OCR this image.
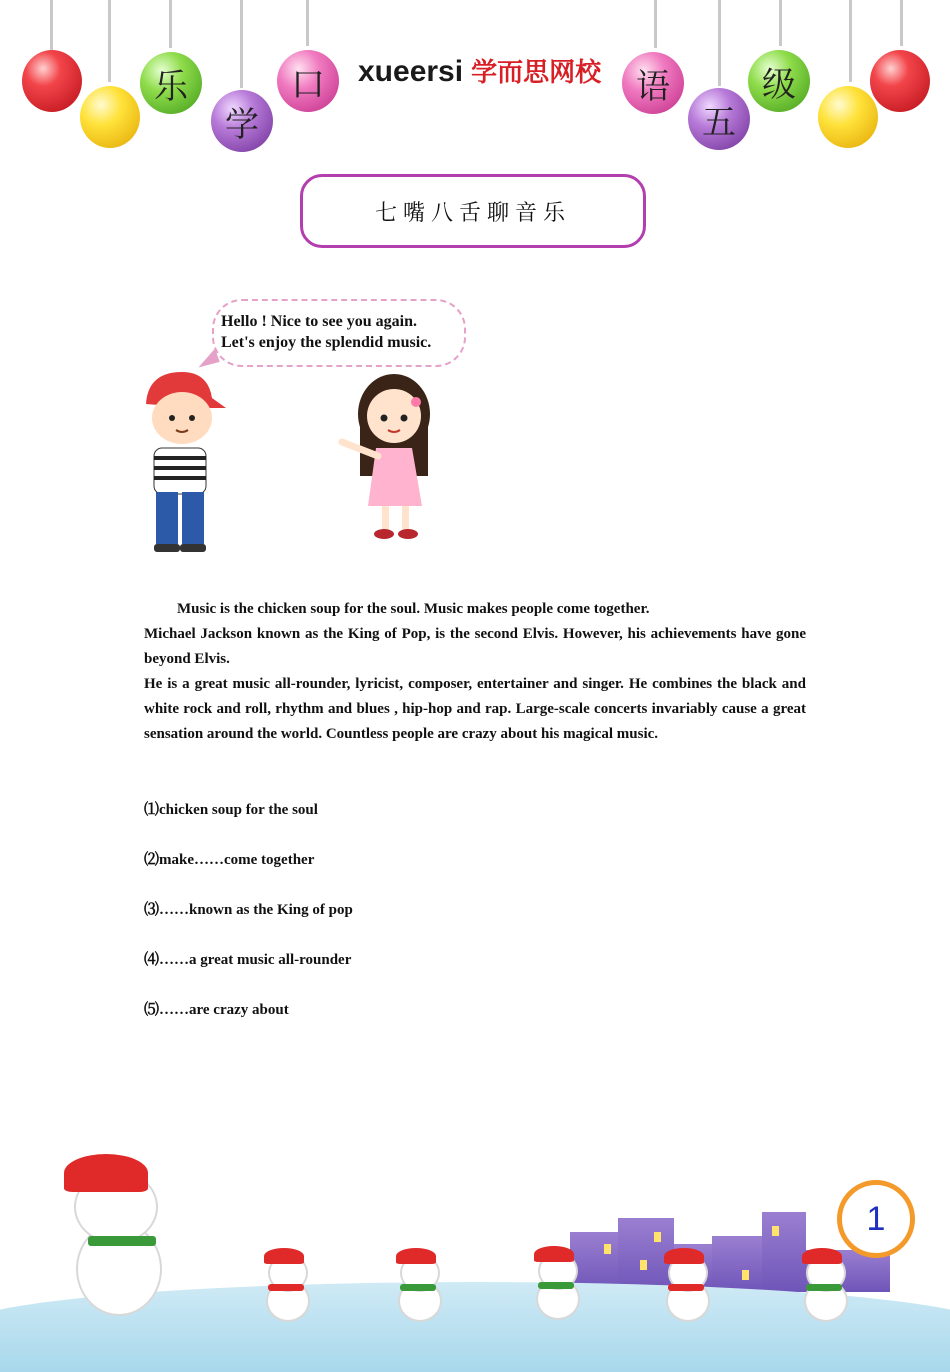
乐
学
口	语
五
级
xueersi 学而思网校
七嘴八舌聊音乐
Hello ! Nice to see you again.
Let's enjoy the splendid music.
Music is the chicken soup for the soul. Music makes people come together.
Michael Jackson known as the King of Pop, is the second Elvis. However, his achievements have gone beyond Elvis.
He is a great music all-rounder, lyricist, composer, entertainer and singer. He combines the black and white rock and roll, rhythm and blues , hip-hop and rap. Large-scale concerts invariably cause a great sensation around the world. Countless people are crazy about his magical music.
⑴chicken soup for the soul
⑵make……come together
⑶……known as the King of pop
⑷……a great music all-rounder
⑸……are crazy about
1
